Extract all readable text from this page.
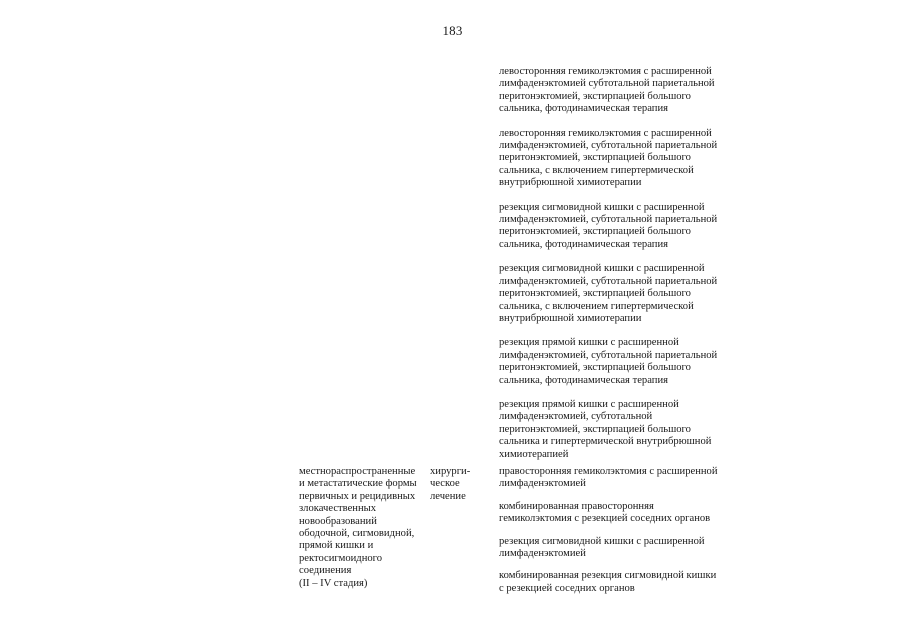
183

левосторонняя гемиколэктомия с расширенной
лимфаденэктомией субтотальной париетальной
перитонэктомией, экстирпацией большого
сальника, фотодинамическая терапия

левосторонняя гемиколэктомия с расширенной
лимфаденэктомией, субтотальной париетальной
перитонэктомией, экстирпацией большого
сальника, с включением гипертермической
внутрибрюшной химиотерапии

резекция сигмовидной кишки с расширенной
лимфаденэктомией, субтотальной париетальной
перитонэктомией, экстирпацией большого
сальника, фотодинамическая терапия

резекция сигмовидной кишки с расширенной
лимфаденэктомией, субтотальной париетальной
перитонэктомией, экстирпацией большого
сальника, с включением гипертермической
внутрибрюшной химиотерапии

резекция прямой кишки с расширенной
лимфаденэктомией, субтотальной париетальной
перитонэктомией, экстирпацией большого
сальника, фотодинамическая терапия

резекция прямой кишки с расширенной
лимфаденэктомией, субтотальной
перитонэктомией, экстирпацией большого
сальника и гипертермической внутрибрюшной
химиотерапией

местнораспространенные
и метастатические формы
первичных и рецидивных
злокачественных
новообразований
ободочной, сигмовидной,
прямой кишки и
ректосигмоидного
соединения
(II – IV стадия)
хирурги-
ческое
лечение

правосторонняя гемиколэктомия с расширенной
лимфаденэктомией

комбинированная правосторонняя
гемиколэктомия с резекцией соседних органов

резекция сигмовидной кишки с расширенной
лимфаденэктомией

комбинированная резекция сигмовидной кишки
с резекцией соседних органов
